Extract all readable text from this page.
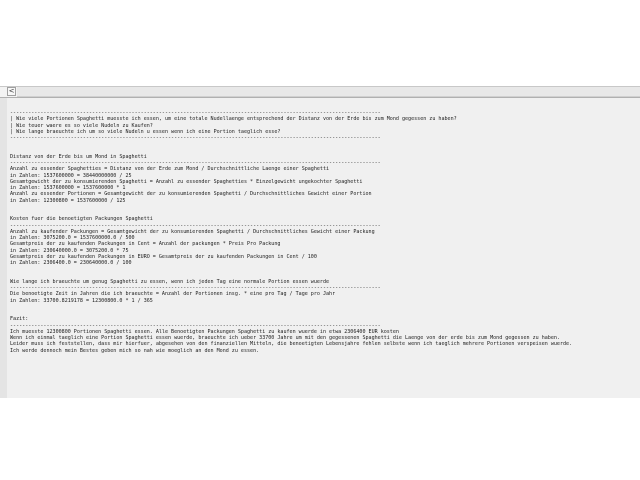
<
--------------------------------------------------------------------------------------------------------------------------
| Wie viele Portionen Spaghetti muesste ich essen, um eine totale Nudellaenge entsprechend der Distanz von der Erde bis zum Mond gegessen zu haben?
| Wie teuer waere es so viele Nudeln zu Kaufen?
| Wie lange braeuchte ich um so viele Nudeln u essen wenn ich eine Portion taeglich esse?
--------------------------------------------------------------------------------------------------------------------------

Distanz von der Erde bis um Mond in Spaghetti
--------------------------------------------------------------------------------------------------------------------------
Anzahl zu essender Spaghetties = Distanz von der Erde zum Mond / Durchschnittliche Laenge einer Spaghetti
in Zahlen: 1537600000 = 38440000000 / 25
Gesamtgewicht der zu konsumierenden Spaghetti = Anzahl zu essender Spaghetties * Einzelgewicht ungekochter Spaghetti
in Zahlen: 1537600000 = 1537600000 * 1
Anzahl zu essender Portionen = Gesamtgewicht der zu konsumierenden Spaghetti / Durchschnittliches Gewicht einer Portion
in Zahlen: 12300800 = 1537600000 / 125

Kosten fuer die benoetigten Packungen Spaghetti
--------------------------------------------------------------------------------------------------------------------------
Anzahl zu kaufender Packungen = Gesamtgewicht der zu konsumierenden Spaghetti / Durchschnittliches Gewicht einer Packung
in Zahlen: 3075200.0 = 1537600000.0 / 500
Gesamtpreis der zu kaufenden Packungen in Cent = Anzahl der packungen * Preis Pro Packung
in Zahlen: 230640000.0 = 3075200.0 * 75
Gesamtpreis der zu kaufenden Packungen in EURO = Gesamtpreis der zu kaufenden Packungen in Cent / 100
in Zahlen: 2306400.0 = 230640000.0 / 100

Wie lange ich braeuchte um genug Spaghetti zu essen, wenn ich jeden Tag eine normale Portion essen wuerde
--------------------------------------------------------------------------------------------------------------------------
Die benoetigte Zeit in Jahren die ich braeuchte = Anzahl der Portionen insg. * eine pro Tag / Tage pro Jahr
in Zahlen: 33700.8219178 = 12300800.0 * 1 / 365

Fazit:
--------------------------------------------------------------------------------------------------------------------------
Ich muesste 12300800 Portionen Spaghetti essen. Alle Benoetigten Packungen Spaghetti zu kaufen wuerde in etwa 2306400 EUR kosten
Wenn ich einmal taeglich eine Portion Spaghetti essen wuerde, braeuchte ich ueber 33700 Jahre um mit den gegessenen Spaghetti die Laenge von der erde bis zum Mond gegessen zu haben.
Leider muss ich feststellen, dass mir hierfuer, abgesehen von den finanziellen Mitteln, die benoetigten Lebensjahre fehlen selbste wenn ich taeglich mehrere Portionen verspeisen wuerde.
Ich werde dennoch mein Bestes geben mich so nah wie moeglich an den Mond zu essen.
